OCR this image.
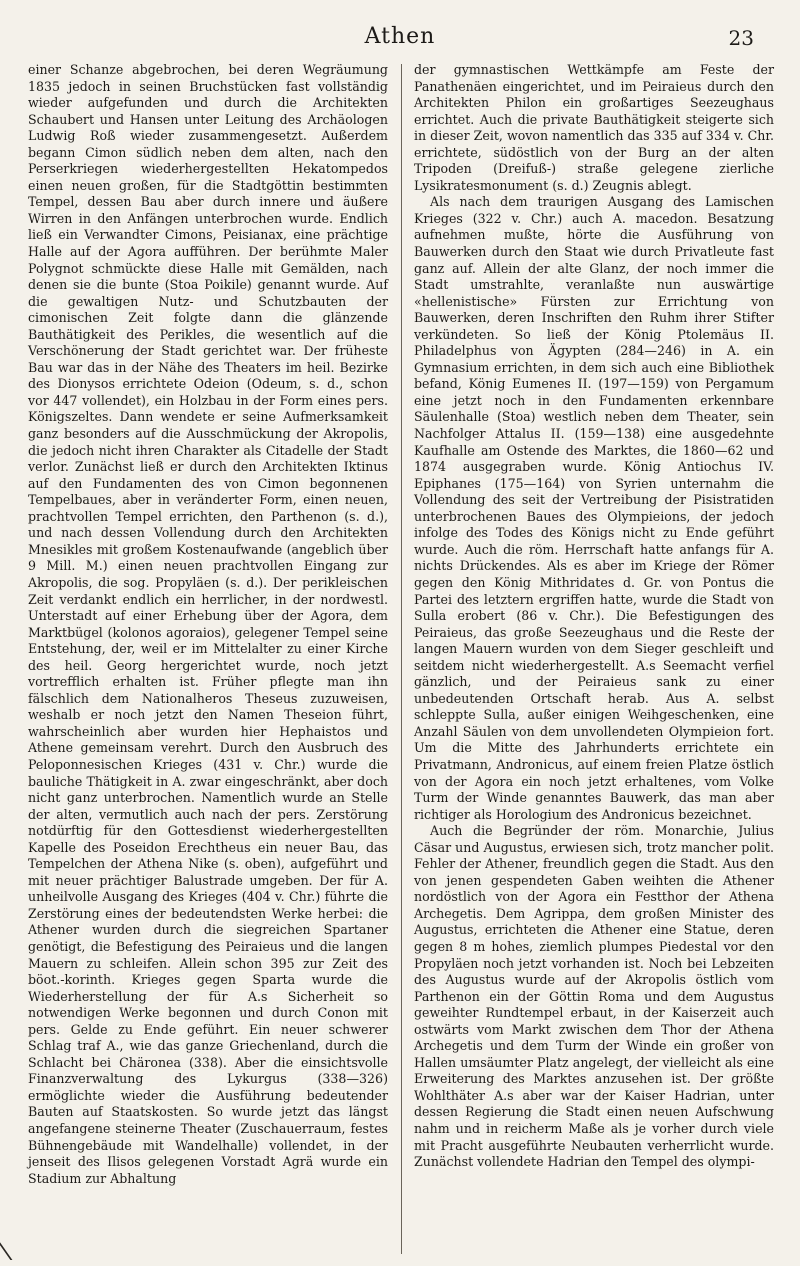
Athen	23

einer Schanze abgebrochen, bei deren Wegräumung 1835 jedoch in seinen Bruchstücken fast vollständig wieder aufgefunden und durch die Architekten Schaubert und Hansen unter Leitung des Archäologen Ludwig Roß wieder zusammengesetzt. Außerdem begann Cimon südlich neben dem alten, nach den Perserkriegen wiederhergestellten Hekatompedos einen neuen großen, für die Stadtgöttin bestimmten Tempel, dessen Bau aber durch innere und äußere Wirren in den Anfängen unterbrochen wurde. Endlich ließ ein Verwandter Cimons, Peisianax, eine prächtige Halle auf der Agora aufführen. Der berühmte Maler Polygnot schmückte diese Halle mit Gemälden, nach denen sie die bunte (Stoa Poikile) genannt wurde. Auf die gewaltigen Nutz- und Schutzbauten der cimonischen Zeit folgte dann die glänzende Bauthätigkeit des Perikles, die wesentlich auf die Verschönerung der Stadt gerichtet war. Der früheste Bau war das in der Nähe des Theaters im heil. Bezirke des Dionysos errichtete Odeion (Odeum, s. d., schon vor 447 vollendet), ein Holzbau in der Form eines pers. Königszeltes. Dann wendete er seine Aufmerksamkeit ganz besonders auf die Ausschmückung der Akropolis, die jedoch nicht ihren Charakter als Citadelle der Stadt verlor. Zunächst ließ er durch den Architekten Iktinus auf den Fundamenten des von Cimon begonnenen Tempelbaues, aber in veränderter Form, einen neuen, prachtvollen Tempel errichten, den Parthenon (s. d.), und nach dessen Vollendung durch den Architekten Mnesikles mit großem Kostenaufwande (angeblich über 9 Mill. M.) einen neuen prachtvollen Eingang zur Akropolis, die sog. Propyläen (s. d.). Der perikleischen Zeit verdankt endlich ein herrlicher, in der nordwestl. Unterstadt auf einer Erhebung über der Agora, dem Marktbügel (kolonos agoraios), gelegener Tempel seine Entstehung, der, weil er im Mittelalter zu einer Kirche des heil. Georg hergerichtet wurde, noch jetzt vortrefflich erhalten ist. Früher pflegte man ihn fälschlich dem Nationalheros Theseus zuzuweisen, weshalb er noch jetzt den Namen Theseion führt, wahrscheinlich aber wurden hier Hephaistos und Athene gemeinsam verehrt. Durch den Ausbruch des Peloponnesischen Krieges (431 v. Chr.) wurde die bauliche Thätigkeit in A. zwar eingeschränkt, aber doch nicht ganz unterbrochen. Namentlich wurde an Stelle der alten, vermutlich auch nach der pers. Zerstörung notdürftig für den Gottesdienst wiederhergestellten Kapelle des Poseidon Erechtheus ein neuer Bau, das Tempelchen der Athena Nike (s. oben), aufgeführt und mit neuer prächtiger Balustrade umgeben. Der für A. unheilvolle Ausgang des Krieges (404 v. Chr.) führte die Zerstörung eines der bedeutendsten Werke herbei: die Athener wurden durch die siegreichen Spartaner genötigt, die Befestigung des Peiraieus und die langen Mauern zu schleifen. Allein schon 395 zur Zeit des böot.-korinth. Krieges gegen Sparta wurde die Wiederherstellung der für A.s Sicherheit so notwendigen Werke begonnen und durch Conon mit pers. Gelde zu Ende geführt. Ein neuer schwerer Schlag traf A., wie das ganze Griechenland, durch die Schlacht bei Chäronea (338). Aber die einsichtsvolle Finanzverwaltung des Lykurgus (338—326) ermöglichte wieder die Ausführung bedeutender Bauten auf Staatskosten. So wurde jetzt das längst angefangene steinerne Theater (Zuschauerraum, festes Bühnengebäude mit Wandelhalle) vollendet, in der jenseit des Ilisos gelegenen Vorstadt Agrä wurde ein Stadium zur Abhaltung

der gymnastischen Wettkämpfe am Feste der Panathenäen eingerichtet, und im Peiraieus durch den Architekten Philon ein großartiges Seezeughaus errichtet. Auch die private Bauthätigkeit steigerte sich in dieser Zeit, wovon namentlich das 335 auf 334 v. Chr. errichtete, südöstlich von der Burg an der alten Tripoden (Dreifuß-) straße gelegene zierliche Lysikratesmonument (s. d.) Zeugnis ablegt.

Als nach dem traurigen Ausgang des Lamischen Krieges (322 v. Chr.) auch A. macedon. Besatzung aufnehmen mußte, hörte die Ausführung von Bauwerken durch den Staat wie durch Privatleute fast ganz auf. Allein der alte Glanz, der noch immer die Stadt umstrahlte, veranlaßte nun auswärtige «hellenistische» Fürsten zur Errichtung von Bauwerken, deren Inschriften den Ruhm ihrer Stifter verkündeten. So ließ der König Ptolemäus II. Philadelphus von Ägypten (284—246) in A. ein Gymnasium errichten, in dem sich auch eine Bibliothek befand, König Eumenes II. (197—159) von Pergamum eine jetzt noch in den Fundamenten erkennbare Säulenhalle (Stoa) westlich neben dem Theater, sein Nachfolger Attalus II. (159—138) eine ausgedehnte Kaufhalle am Ostende des Marktes, die 1860—62 und 1874 ausgegraben wurde. König Antiochus IV. Epiphanes (175—164) von Syrien unternahm die Vollendung des seit der Vertreibung der Pisistratiden unterbrochenen Baues des Olympieions, der jedoch infolge des Todes des Königs nicht zu Ende geführt wurde. Auch die röm. Herrschaft hatte anfangs für A. nichts Drückendes. Als es aber im Kriege der Römer gegen den König Mithridates d. Gr. von Pontus die Partei des letztern ergriffen hatte, wurde die Stadt von Sulla erobert (86 v. Chr.). Die Befestigungen des Peiraieus, das große Seezeughaus und die Reste der langen Mauern wurden von dem Sieger geschleift und seitdem nicht wiederhergestellt. A.s Seemacht verfiel gänzlich, und der Peiraieus sank zu einer unbedeutenden Ortschaft herab. Aus A. selbst schleppte Sulla, außer einigen Weihgeschenken, eine Anzahl Säulen von dem unvollendeten Olympieion fort. Um die Mitte des Jahrhunderts errichtete ein Privatmann, Andronicus, auf einem freien Platze östlich von der Agora ein noch jetzt erhaltenes, vom Volke Turm der Winde genanntes Bauwerk, das man aber richtiger als Horologium des Andronicus bezeichnet.

Auch die Begründer der röm. Monarchie, Julius Cäsar und Augustus, erwiesen sich, trotz mancher polit. Fehler der Athener, freundlich gegen die Stadt. Aus den von jenen gespendeten Gaben weihten die Athener nordöstlich von der Agora ein Festthor der Athena Archegetis. Dem Agrippa, dem großen Minister des Augustus, errichteten die Athener eine Statue, deren gegen 8 m hohes, ziemlich plumpes Piedestal vor den Propyläen noch jetzt vorhanden ist. Noch bei Lebzeiten des Augustus wurde auf der Akropolis östlich vom Parthenon ein der Göttin Roma und dem Augustus geweihter Rundtempel erbaut, in der Kaiserzeit auch ostwärts vom Markt zwischen dem Thor der Athena Archegetis und dem Turm der Winde ein großer von Hallen umsäumter Platz angelegt, der vielleicht als eine Erweiterung des Marktes anzusehen ist. Der größte Wohlthäter A.s aber war der Kaiser Hadrian, unter dessen Regierung die Stadt einen neuen Aufschwung nahm und in reicherm Maße als je vorher durch viele mit Pracht ausgeführte Neubauten verherrlicht wurde. Zunächst vollendete Hadrian den Tempel des olympi-
